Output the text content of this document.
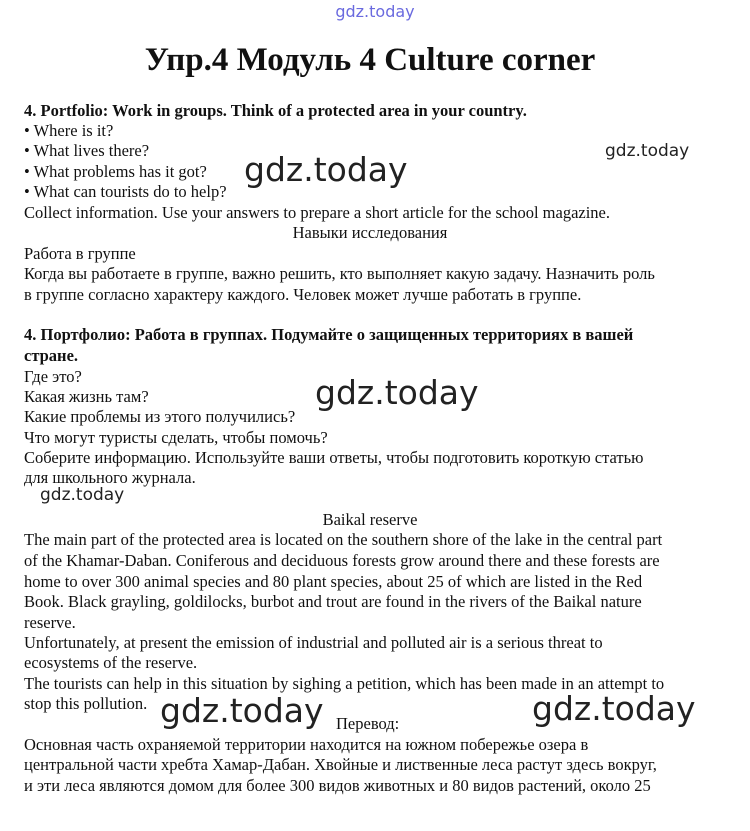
gdz.today
Упр.4 Модуль 4 Culture corner
4. Portfolio: Work in groups. Think of a protected area in your country.
• Where is it?
• What lives there?
• What problems has it got?
• What can tourists do to help?
Collect information. Use your answers to prepare a short article for the school magazine.
Навыки исследования
Работа в группе
Когда вы работаете в группе, важно решить, кто выполняет какую задачу. Назначить роль
в группе согласно характеру каждого. Человек может лучше работать в группе.
4. Портфолио: Работа в группах. Подумайте о защищенных территориях в вашей
стране.
Где это?
Какая жизнь там?
Какие проблемы из этого получились?
Что могут туристы сделать, чтобы помочь?
Соберите информацию. Используйте ваши ответы, чтобы подготовить короткую статью
для школьного журнала.
Baikal reserve
The main part of the protected area is located on the southern shore of the lake in the central part
of the Khamar-Daban. Coniferous and deciduous forests grow around there and these forests are
home to over 300 animal species and 80 plant species, about 25 of which are listed in the Red
Book. Black grayling, goldilocks, burbot and trout are found in the rivers of the Baikal nature
reserve.
Unfortunately, at present the emission of industrial and polluted air is a serious threat to
ecosystems of the reserve.
The tourists can help in this situation by sighing a petition, which has been made in an attempt to
stop this pollution.
Перевод:
Основная часть охраняемой территории находится на южном побережье озера в
центральной части хребта Хамар-Дабан. Хвойные и лиственные леса растут здесь вокруг,
и эти леса являются домом для более 300 видов животных и 80 видов растений, около 25
gdz.today
gdz.today
gdz.today
gdz.today
gdz.today	gdz.today
